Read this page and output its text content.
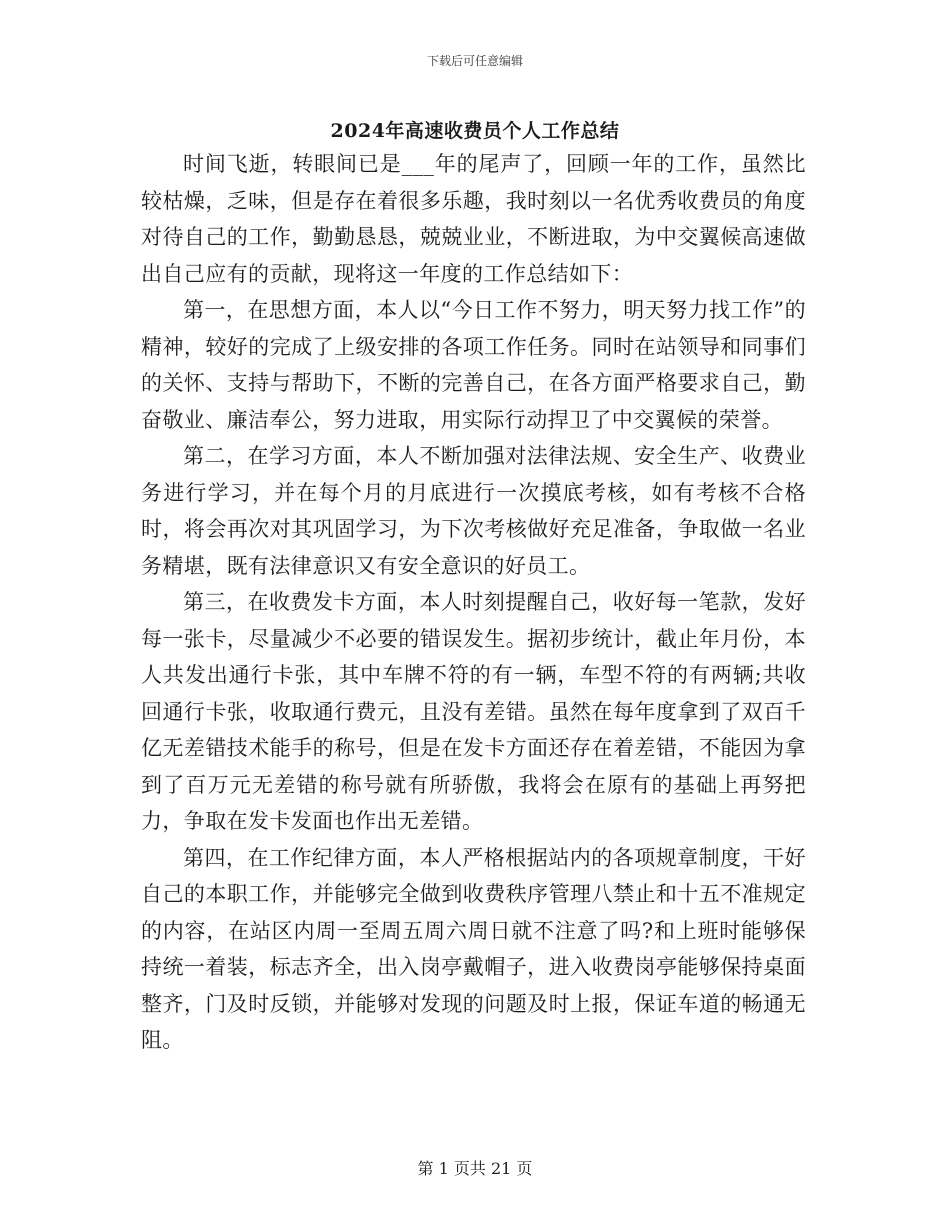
下载后可任意编辑
2024年高速收费员个人工作总结

时间飞逝，转眼间已是___年的尾声了，回顾一年的工作，虽然比较枯燥，乏味，但是存在着很多乐趣，我时刻以一名优秀收费员的角度对待自己的工作，勤勤恳恳，兢兢业业，不断进取，为中交翼候高速做出自己应有的贡献，现将这一年度的工作总结如下：

第一，在思想方面，本人以“今日工作不努力，明天努力找工作”的精神，较好的完成了上级安排的各项工作任务。同时在站领导和同事们的关怀、支持与帮助下，不断的完善自己，在各方面严格要求自己，勤奋敬业、廉洁奉公，努力进取，用实际行动捍卫了中交翼候的荣誉。

第二，在学习方面，本人不断加强对法律法规、安全生产、收费业务进行学习，并在每个月的月底进行一次摸底考核，如有考核不合格时，将会再次对其巩固学习，为下次考核做好充足准备，争取做一名业务精堪，既有法律意识又有安全意识的好员工。

第三，在收费发卡方面，本人时刻提醒自己，收好每一笔款，发好每一张卡，尽量减少不必要的错误发生。据初步统计，截止年月份，本人共发出通行卡张，其中车牌不符的有一辆，车型不符的有两辆;共收回通行卡张，收取通行费元，且没有差错。虽然在每年度拿到了双百千亿无差错技术能手的称号，但是在发卡方面还存在着差错，不能因为拿到了百万元无差错的称号就有所骄傲，我将会在原有的基础上再努把力，争取在发卡发面也作出无差错。

第四，在工作纪律方面，本人严格根据站内的各项规章制度，干好自己的本职工作，并能够完全做到收费秩序管理八禁止和十五不准规定的内容，在站区内周一至周五周六周日就不注意了吗?和上班时能够保持统一着装，标志齐全，出入岗亭戴帽子，进入收费岗亭能够保持桌面整齐，门及时反锁，并能够对发现的问题及时上报，保证车道的畅通无阻。

第 1 页共 21 页
